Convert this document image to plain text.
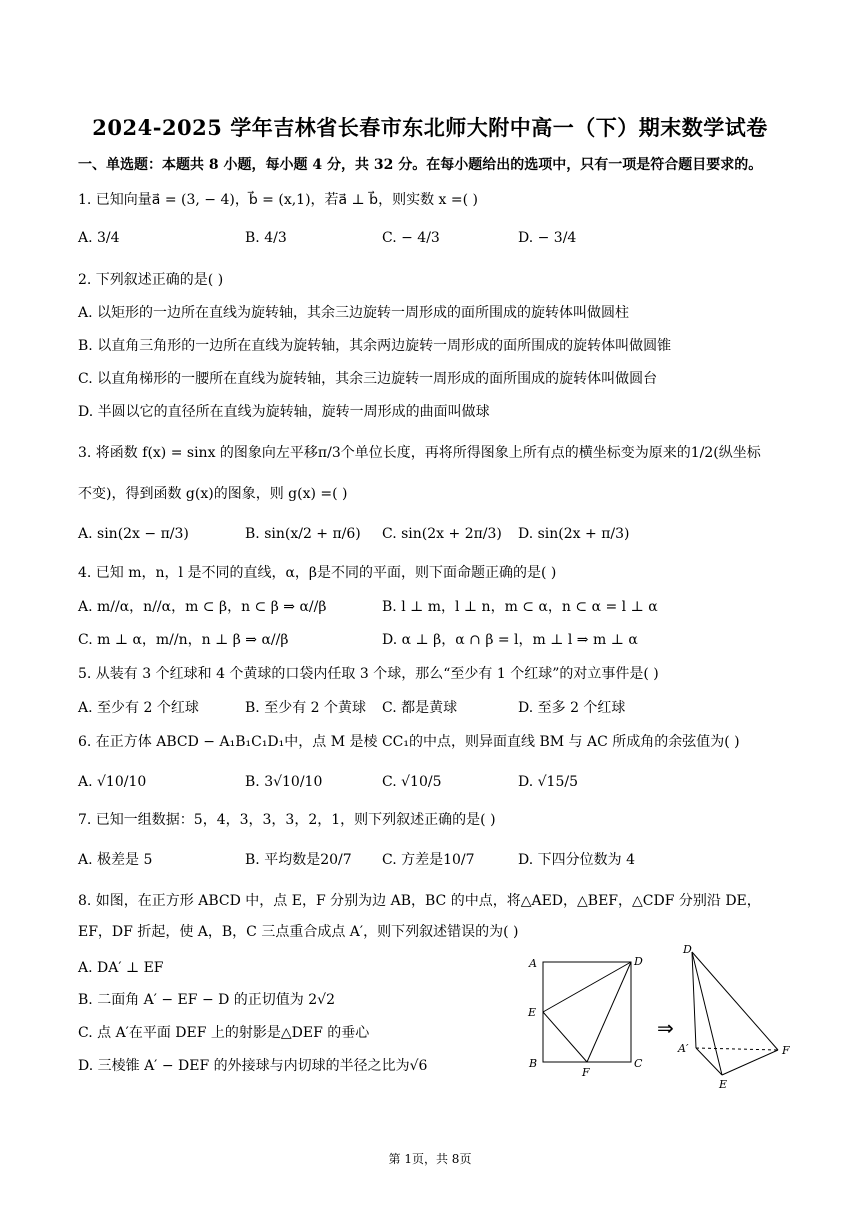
2024-2025 学年吉林省长春市东北师大附中高一（下）期末数学试卷
一、单选题：本题共 8 小题，每小题 4 分，共 32 分。在每小题给出的选项中，只有一项是符合题目要求的。
1. 已知向量a⃗ = (3, − 4)，b⃗ = (x,1)，若a⃗ ⊥ b⃗，则实数 x =( )
A. 3/4	B. 4/3	C. − 4/3	D. − 3/4
2. 下列叙述正确的是( )
A. 以矩形的一边所在直线为旋转轴，其余三边旋转一周形成的面所围成的旋转体叫做圆柱
B. 以直角三角形的一边所在直线为旋转轴，其余两边旋转一周形成的面所围成的旋转体叫做圆锥
C. 以直角梯形的一腰所在直线为旋转轴，其余三边旋转一周形成的面所围成的旋转体叫做圆台
D. 半圆以它的直径所在直线为旋转轴，旋转一周形成的曲面叫做球
3. 将函数 f(x) = sinx 的图象向左平移π/3个单位长度，再将所得图象上所有点的横坐标变为原来的1/2(纵坐标
不变)，得到函数 g(x)的图象，则 g(x) =( )
A. sin(2x − π/3)	B. sin(x/2 + π/6) C. sin(2x + 2π/3) D. sin(2x + π/3)
4. 已知 m，n，l 是不同的直线，α，β是不同的平面，则下面命题正确的是( )
A. m//α，n//α，m ⊂ β，n ⊂ β ⇒ α//β	B. l ⊥ m，l ⊥ n，m ⊂ α，n ⊂ α = l ⊥ α
C. m ⊥ α，m//n，n ⊥ β ⇒ α//β	D. α ⊥ β，α ∩ β = l，m ⊥ l ⇒ m ⊥ α
5. 从装有 3 个红球和 4 个黄球的口袋内任取 3 个球，那么“至少有 1 个红球”的对立事件是( )
A. 至少有 2 个红球	B. 至少有 2 个黄球 C. 都是黄球	D. 至多 2 个红球
6. 在正方体 ABCD − A₁B₁C₁D₁中，点 M 是棱 CC₁的中点，则异面直线 BM 与 AC 所成角的余弦值为( )
A. √10/10	B. 3√10/10	C. √10/5	D. √15/5
7. 已知一组数据：5，4，3，3，3，2，1，则下列叙述正确的是( )
A. 极差是 5	B. 平均数是20/7 C. 方差是10/7	D. 下四分位数为 4
8. 如图，在正方形 ABCD 中，点 E，F 分别为边 AB，BC 的中点，将△AED，△BEF，△CDF 分别沿 DE，
EF，DF 折起，使 A，B，C 三点重合成点 A′，则下列叙述错误的为( )
A. DA′ ⊥ EF
B. 二面角 A′ − EF − D 的正切值为 2√2
C. 点 A′在平面 DEF 上的射影是△DEF 的垂心
D. 三棱锥 A′ − DEF 的外接球与内切球的半径之比为√6
A
B	C
D
E
F
⇒
D
A′
E
F
第 1页，共 8页
